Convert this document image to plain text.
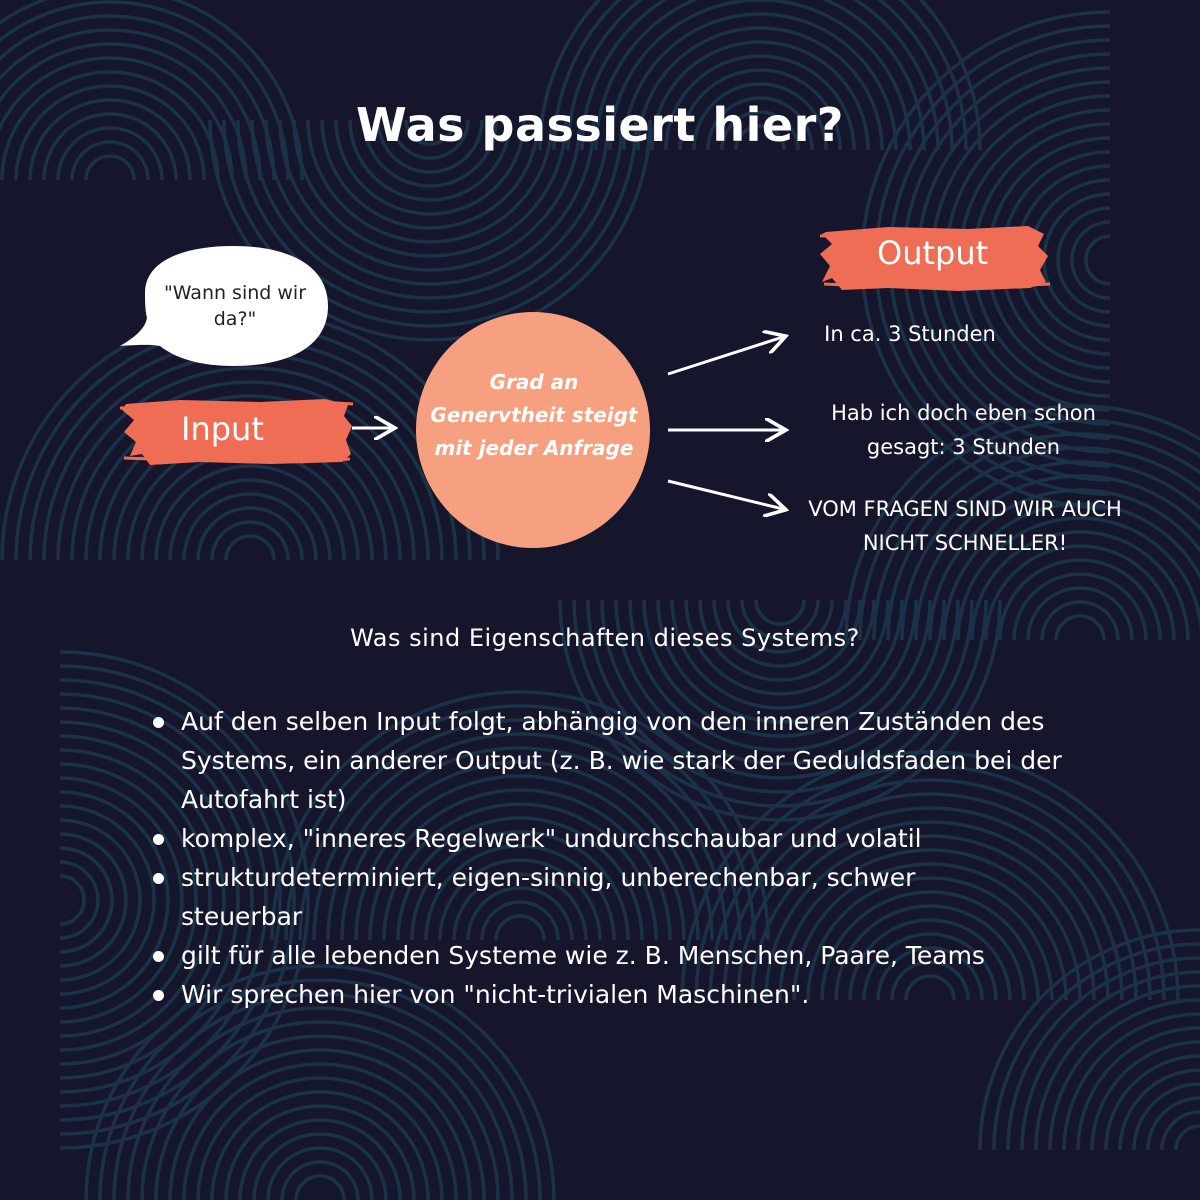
Was passiert hier?
"Wann sind wir da?"
Input
Output
Grad an Genervtheit steigt mit jeder Anfrage
In ca. 3 Stunden
Hab ich doch eben schon gesagt: 3 Stunden
VOM FRAGEN SIND WIR AUCH NICHT SCHNELLER!
Was sind Eigenschaften dieses Systems?
Auf den selben Input folgt, abhängig von den inneren Zuständen des Systems, ein anderer Output (z. B. wie stark der Geduldsfaden bei der Autofahrt ist)
komplex, "inneres Regelwerk" undurchschaubar und volatil
strukturdeterminiert, eigen-sinnig, unberechenbar, schwer steuerbar
gilt für alle lebenden Systeme wie z. B. Menschen, Paare, Teams
Wir sprechen hier von "nicht-trivialen Maschinen".
